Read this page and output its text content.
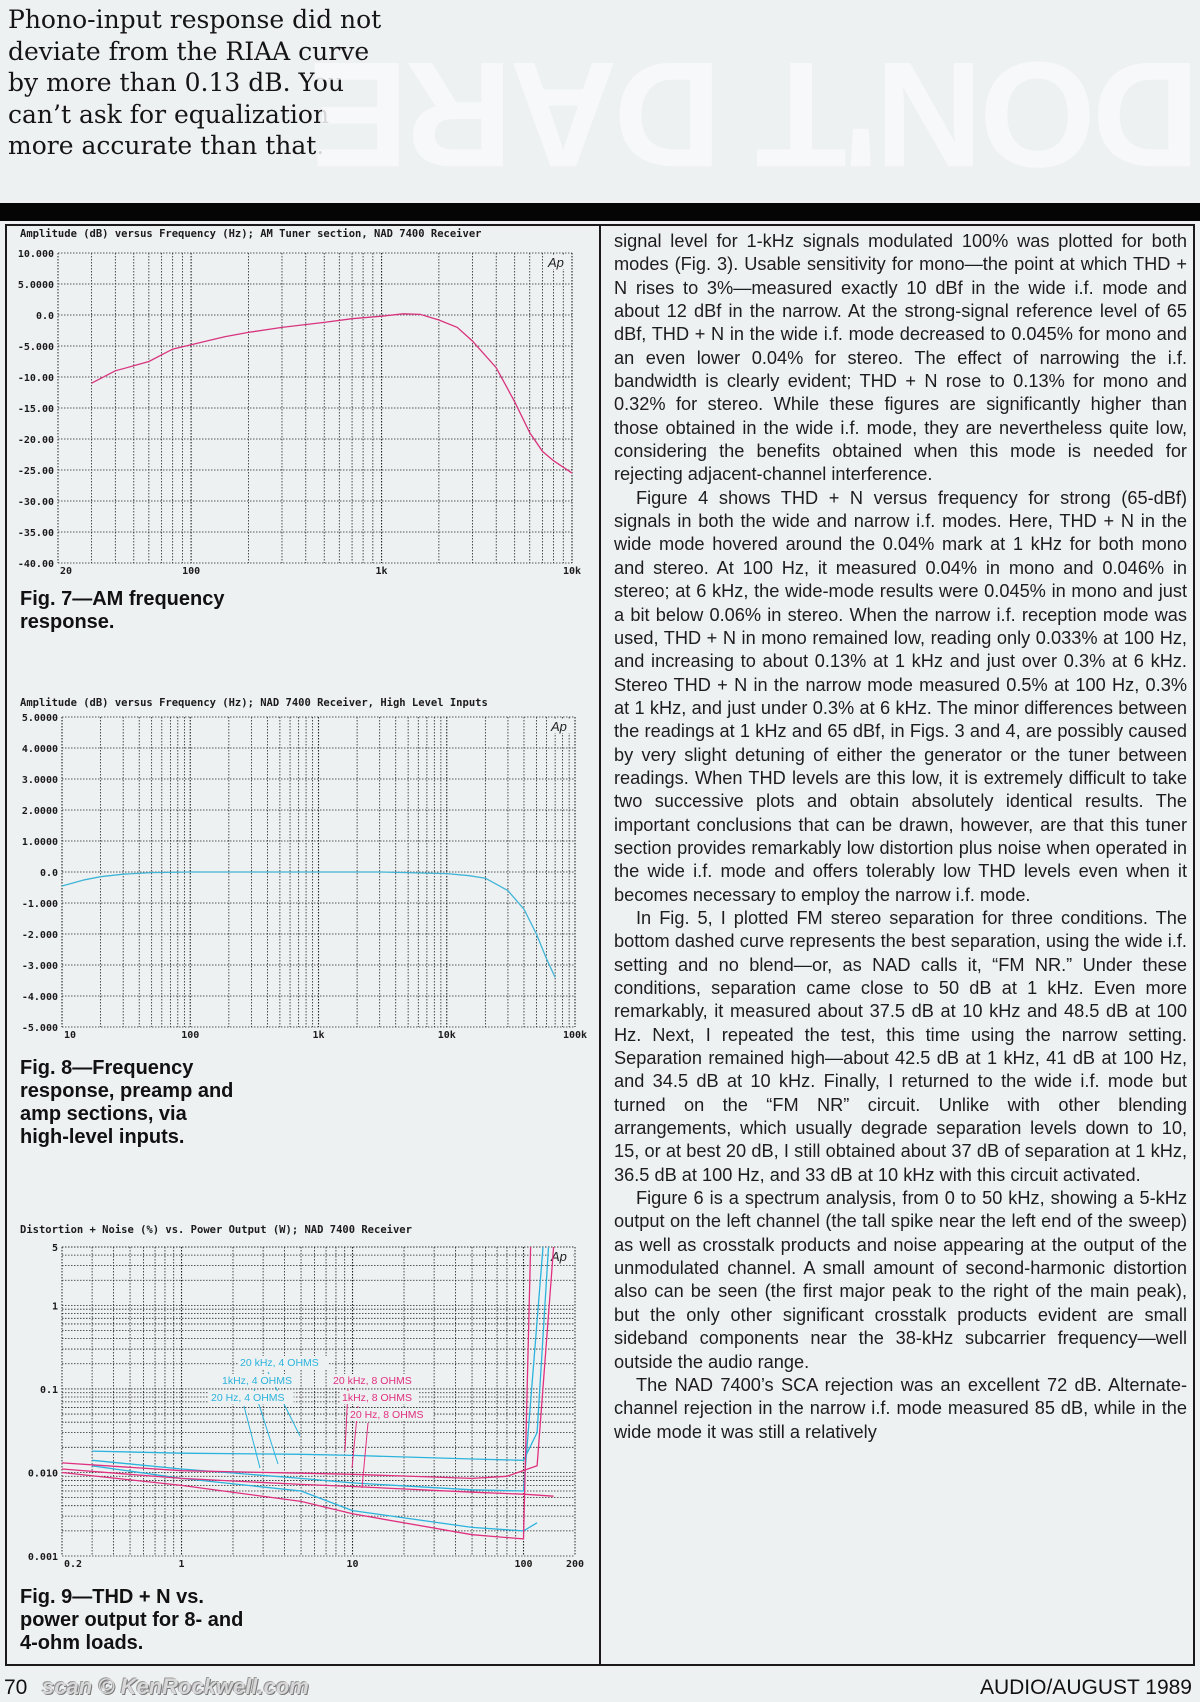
Phono-input response did not
deviate from the RIAA curve
by more than 0.13 dB. You
can’t ask for equalization
more accurate than that.
DON'T DARE
Amplitude (dB) versus Frequency (Hz); AM Tuner section, NAD 7400 Receiver
10.000
5.0000
0.0
-5.000
-10.00
-15.00
-20.00
-25.00
-30.00
-35.00
-40.00
20	100	1k	10k
Ap
Fig. 7—AM frequency
response.
Amplitude (dB) versus Frequency (Hz); NAD 7400 Receiver, High Level Inputs
5.0000
4.0000
3.0000
2.0000
1.0000
0.0
-1.000
-2.000
-3.000
-4.000
-5.000
10	100	1k	10k	100k
Ap
Fig. 8—Frequency
response, preamp and
amp sections, via
high-level inputs.
Distortion + Noise (%) vs. Power Output (W); NAD 7400 Receiver
5
1
0.1
0.010
0.001
0.2	1	10	100	200
Ap
20 kHz, 4 OHMS
1kHz, 4 OHMS
20 Hz, 4 OHMS
20 kHz, 8 OHMS
1kHz, 8 OHMS
20 Hz, 8 OHMS
Fig. 9—THD + N vs.
power output for 8- and
4-ohm loads.

signal level for 1-kHz signals modulated 100% was plotted for both modes (Fig. 3). Usable sensitivity for mono—the point at which THD + N rises to 3%—measured exactly 10 dBf in the wide i.f. mode and about 12 dBf in the narrow. At the strong-signal reference level of 65 dBf, THD + N in the wide i.f. mode decreased to 0.045% for mono and an even lower 0.04% for stereo. The effect of narrowing the i.f. bandwidth is clearly evident; THD + N rose to 0.13% for mono and 0.32% for stereo. While these figures are significantly higher than those obtained in the wide i.f. mode, they are nevertheless quite low, considering the benefits obtained when this mode is needed for rejecting adjacent-channel interference.

Figure 4 shows THD + N versus frequency for strong (65-dBf) signals in both the wide and narrow i.f. modes. Here, THD + N in the wide mode hovered around the 0.04% mark at 1 kHz for both mono and stereo. At 100 Hz, it measured 0.04% in mono and 0.046% in stereo; at 6 kHz, the wide-mode results were 0.045% in mono and just a bit below 0.06% in stereo. When the narrow i.f. reception mode was used, THD + N in mono remained low, reading only 0.033% at 100 Hz, and increasing to about 0.13% at 1 kHz and just over 0.3% at 6 kHz. Stereo THD + N in the narrow mode measured 0.5% at 100 Hz, 0.3% at 1 kHz, and just under 0.3% at 6 kHz. The minor differences between the readings at 1 kHz and 65 dBf, in Figs. 3 and 4, are possibly caused by very slight detuning of either the generator or the tuner between readings. When THD levels are this low, it is extremely difficult to take two successive plots and obtain absolutely identical results. The important conclusions that can be drawn, however, are that this tuner section provides remarkably low distortion plus noise when operated in the wide i.f. mode and offers tolerably low THD levels even when it becomes necessary to employ the narrow i.f. mode.

In Fig. 5, I plotted FM stereo separation for three conditions. The bottom dashed curve represents the best separation, using the wide i.f. setting and no blend—or, as NAD calls it, “FM NR.” Under these conditions, separation came close to 50 dB at 1 kHz. Even more remarkably, it measured about 37.5 dB at 10 kHz and 48.5 dB at 100 Hz. Next, I repeated the test, this time using the narrow setting. Separation remained high—about 42.5 dB at 1 kHz, 41 dB at 100 Hz, and 34.5 dB at 10 kHz. Finally, I returned to the wide i.f. mode but turned on the “FM NR” circuit. Unlike with other blending arrangements, which usually degrade separation levels down to 10, 15, or at best 20 dB, I still obtained about 37 dB of separation at 1 kHz, 36.5 dB at 100 Hz, and 33 dB at 10 kHz with this circuit activated.

Figure 6 is a spectrum analysis, from 0 to 50 kHz, showing a 5-kHz output on the left channel (the tall spike near the left end of the sweep) as well as crosstalk products and noise appearing at the output of the unmodulated channel. A small amount of second-harmonic distortion also can be seen (the first major peak to the right of the main peak), but the only other significant crosstalk products evident are small sideband components near the 38-kHz subcarrier frequency—well outside the audio range.

The NAD 7400’s SCA rejection was an excellent 72 dB. Alternate-channel rejection in the narrow i.f. mode measured 85 dB, while in the wide mode it was still a relatively

70 scan © KenRockwell.com	AUDIO/AUGUST 1989
